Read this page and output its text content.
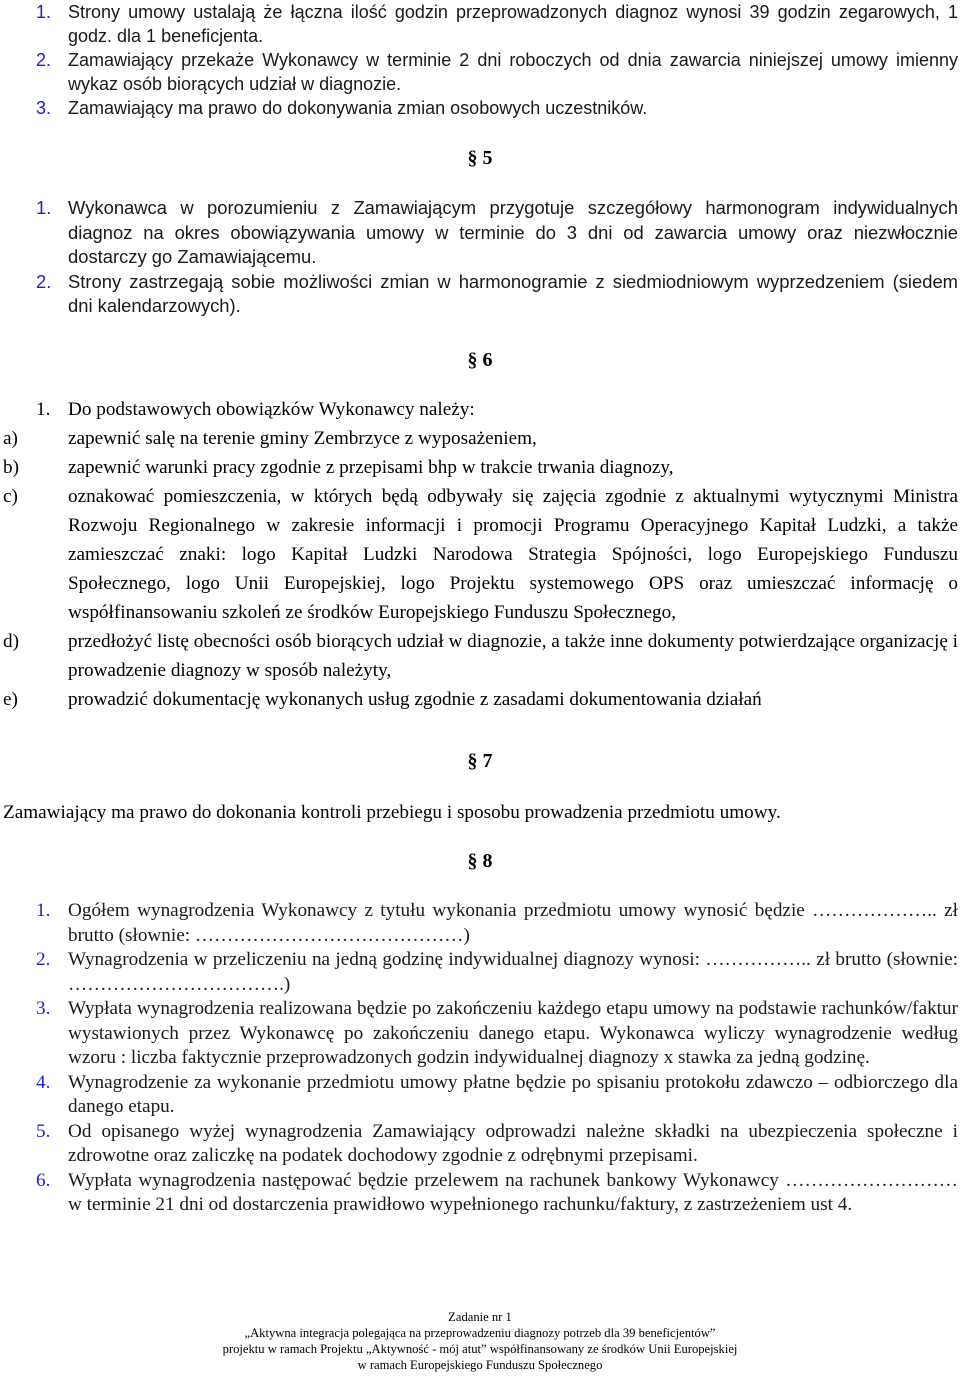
1. Strony umowy ustalają że łączna ilość godzin przeprowadzonych diagnoz wynosi 39 godzin zegarowych, 1 godz. dla 1 beneficjenta.
2. Zamawiający przekaże Wykonawcy w terminie 2 dni roboczych od dnia zawarcia niniejszej umowy imienny wykaz osób biorących udział w diagnozie.
3. Zamawiający ma prawo do dokonywania zmian osobowych uczestników.
§ 5
1. Wykonawca w porozumieniu z Zamawiającym przygotuje szczegółowy harmonogram indywidualnych diagnoz na okres obowiązywania umowy w terminie do 3 dni od zawarcia umowy oraz niezwłocznie dostarczy go Zamawiającemu.
2. Strony zastrzegają sobie możliwości zmian w harmonogramie z siedmiodniowym wyprzedzeniem (siedem dni kalendarzowych).
§ 6
1. Do podstawowych obowiązków Wykonawcy należy:
a)	zapewnić salę na terenie gminy Zembrzyce z wyposażeniem,
b)	zapewnić warunki pracy zgodnie z przepisami bhp w trakcie trwania diagnozy,
c)	oznakować pomieszczenia, w których będą odbywały się zajęcia zgodnie z aktualnymi wytycznymi Ministra Rozwoju Regionalnego w zakresie informacji i promocji Programu Operacyjnego Kapitał Ludzki, a także zamieszczać znaki: logo Kapitał Ludzki Narodowa Strategia Spójności, logo Europejskiego Funduszu Społecznego, logo Unii Europejskiej, logo Projektu systemowego OPS oraz umieszczać informację o współfinansowaniu szkoleń ze środków Europejskiego Funduszu Społecznego,
d)	przedłożyć listę obecności osób biorących udział w diagnozie, a także inne dokumenty potwierdzające organizację i prowadzenie diagnozy w sposób należyty,
e)	prowadzić dokumentację wykonanych usług zgodnie z zasadami dokumentowania działań
§ 7
Zamawiający ma prawo do dokonania kontroli przebiegu i sposobu prowadzenia przedmiotu umowy.
§ 8
1. Ogółem wynagrodzenia Wykonawcy z tytułu wykonania przedmiotu umowy wynosić będzie ……………….. zł brutto (słownie: ……………………………………)
2. Wynagrodzenia w przeliczeniu na jedną godzinę indywidualnej diagnozy wynosi: …………….. zł brutto (słownie: …………………………….)
3. Wypłata wynagrodzenia realizowana będzie po zakończeniu każdego etapu umowy na podstawie rachunków/faktur wystawionych przez Wykonawcę po zakończeniu danego etapu. Wykonawca wyliczy wynagrodzenie według wzoru : liczba faktycznie przeprowadzonych godzin indywidualnej diagnozy x stawka za jedną godzinę.
4. Wynagrodzenie za wykonanie przedmiotu umowy płatne będzie po spisaniu protokołu zdawczo – odbiorczego dla danego etapu.
5. Od opisanego wyżej wynagrodzenia Zamawiający odprowadzi należne składki na ubezpieczenia społeczne i zdrowotne oraz zaliczkę na podatek dochodowy zgodnie z odrębnymi przepisami.
6. Wypłata wynagrodzenia następować będzie przelewem na rachunek bankowy Wykonawcy ……………………… w terminie 21 dni od dostarczenia prawidłowo wypełnionego rachunku/faktury, z zastrzeżeniem ust 4.
Zadanie nr 1
„Aktywna integracja polegająca na przeprowadzeniu diagnozy potrzeb dla 39 beneficjentów”
projektu w ramach Projektu „Aktywność - mój atut” współfinansowany ze środków Unii Europejskiej
w ramach Europejskiego Funduszu Społecznego
